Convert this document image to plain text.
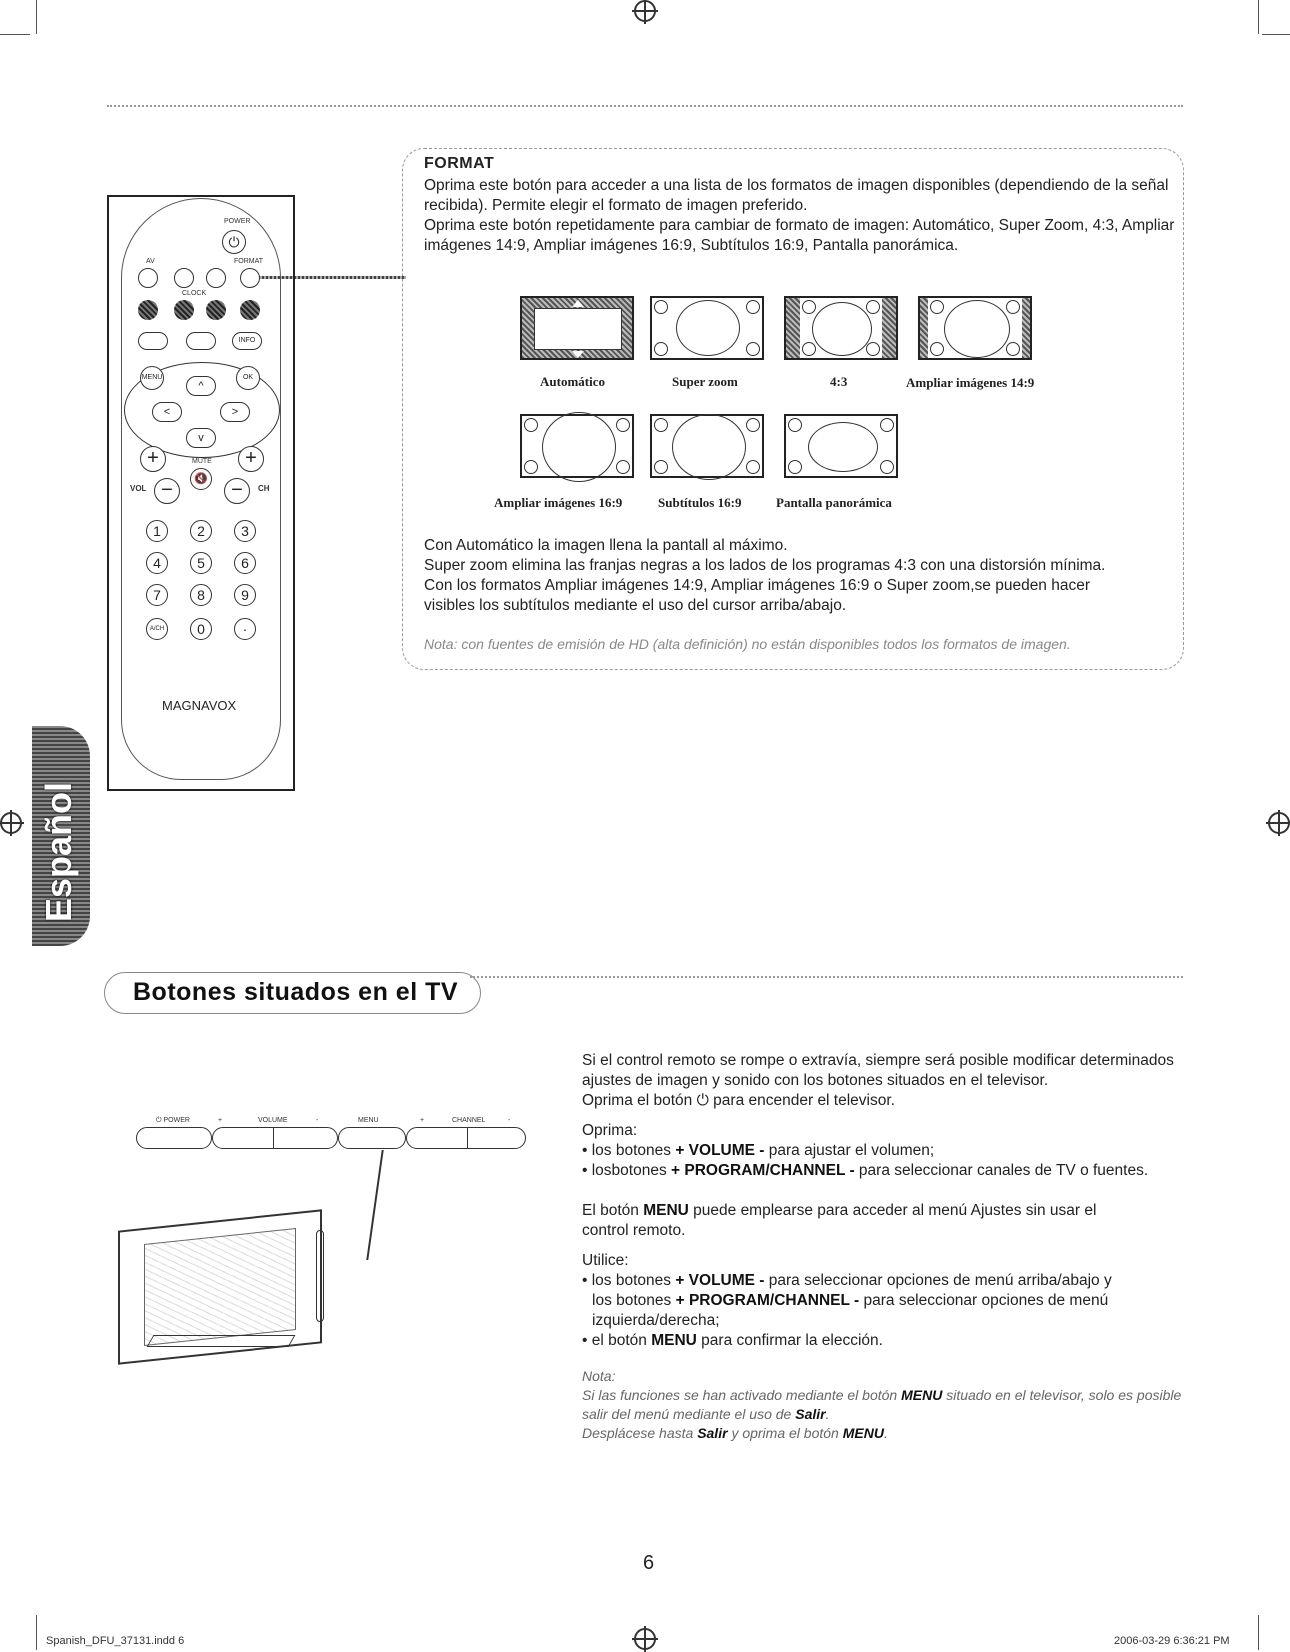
FORMAT
Oprima este botón para acceder a una lista de los formatos de imagen disponibles (dependiendo de la señal recibida). Permite elegir el formato de imagen preferido.
Oprima este botón repetidamente para cambiar de formato de imagen: Automático, Super Zoom, 4:3, Ampliar imágenes 14:9, Ampliar imágenes 16:9, Subtítulos 16:9, Pantalla panorámica.
Automático	Super zoom	4:3	Ampliar imágenes 14:9
Ampliar imágenes 16:9	Subtítulos 16:9	Pantalla panorámica
Con Automático la imagen llena la pantall al máximo.
Super zoom elimina las franjas negras a los lados de los programas 4:3 con una distorsión mínima.
Con los formatos Ampliar imágenes 14:9, Ampliar imágenes 16:9 o Super zoom,se pueden hacer visibles los subtítulos mediante el uso del cursor arriba/abajo.
Nota: con fuentes de emisión de HD (alta definición) no están disponibles todos los formatos de imagen.
POWER
⏻
AV	FORMAT
CLOCK
INFO
MENU	OK
^
<	>
v
+	+
MUTE
🔇
VOL	CH
−	−
1	2	3
4	5	6
7	8	9
A/CH	0	·
MAGNAVOX
Español
Botones situados en el TV
⏻ POWER	+	VOLUME	-	MENU	+	CHANNEL	-
Si el control remoto se rompe o extravía, siempre será posible modificar determinados ajustes de imagen y sonido con los botones situados en el televisor.
Oprima el botón ⏻ para encender el televisor.
Oprima:
• los botones + VOLUME - para ajustar el volumen;
• losbotones + PROGRAM/CHANNEL - para seleccionar canales de TV o fuentes.
El botón MENU puede emplearse para acceder al menú Ajustes sin usar el control remoto.
Utilice:
• los botones + VOLUME - para seleccionar opciones de menú arriba/abajo y
los botones + PROGRAM/CHANNEL - para seleccionar opciones de menú izquierda/derecha;
• el botón MENU para confirmar la elección.
Nota:
Si las funciones se han activado mediante el botón MENU situado en el televisor, solo es posible salir del menú mediante el uso de Salir.
Desplácese hasta Salir y oprima el botón MENU.
6
Spanish_DFU_37131.indd 6	2006-03-29 6:36:21 PM
